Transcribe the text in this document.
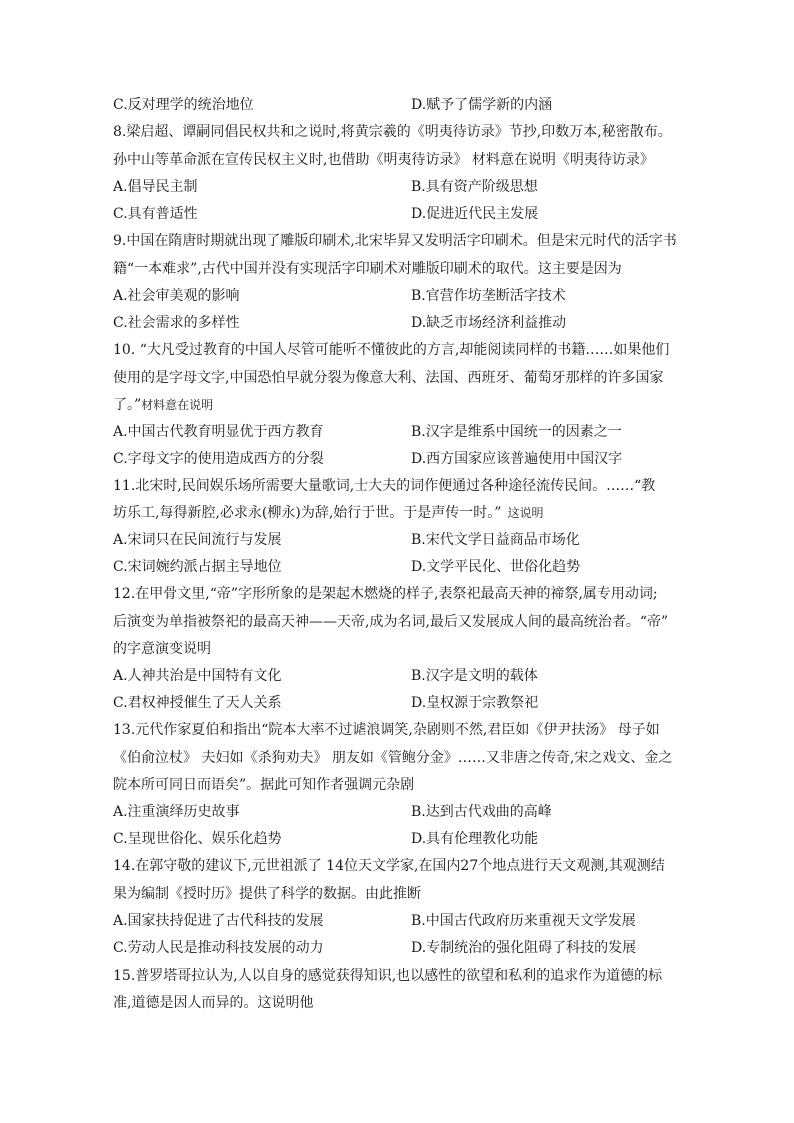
C.反对理学的统治地位	D.赋予了儒学新的内涵
8.梁启超、谭嗣同倡民权共和之说时,将黄宗羲的《明夷待访录》节抄,印数万本,秘密散布。
孙中山等革命派在宣传民权主义时,也借助《明夷待访录》 材料意在说明《明夷待访录》
A.倡导民主制	B.具有资产阶级思想
C.具有普适性	D.促进近代民主发展
9.中国在隋唐时期就出现了雕版印刷术,北宋毕昇又发明活字印刷术。但是宋元时代的活字书
籍“一本难求”,古代中国并没有实现活字印刷术对雕版印刷术的取代。这主要是因为
A.社会审美观的影响	B.官营作坊垄断活字技术
C.社会需求的多样性	D.缺乏市场经济利益推动
10. “大凡受过教育的中国人尽管可能听不懂彼此的方言,却能阅读同样的书籍……如果他们
使用的是字母文字,中国恐怕早就分裂为像意大利、法国、西班牙、葡萄牙那样的许多国家
了。”材料意在说明
A.中国古代教育明显优于西方教育	B.汉字是维系中国统一的因素之一
C.字母文字的使用造成西方的分裂	D.西方国家应该普遍使用中国汉字
11.北宋时,民间娱乐场所需要大量歌词,士大夫的词作便通过各种途径流传民间。……“教
坊乐工,每得新腔,必求永(柳永)为辞,始行于世。于是声传一时。” 这说明
A.宋词只在民间流行与发展	B.宋代文学日益商品市场化
C.宋词婉约派占据主导地位	D.文学平民化、世俗化趋势
12.在甲骨文里,“帝”字形所象的是架起木燃烧的样子,表祭祀最高天神的禘祭,属专用动词;
后演变为单指被祭祀的最高天神——天帝,成为名词,最后又发展成人间的最高统治者。“帝”
的字意演变说明
A.人神共治是中国特有文化	B.汉字是文明的载体
C.君权神授催生了天人关系	D.皇权源于宗教祭祀
13.元代作家夏伯和指出“院本大率不过谑浪调笑,杂剧则不然,君臣如《伊尹扶汤》 母子如
《伯俞泣杖》 夫妇如《杀狗劝夫》 朋友如《管鲍分金》……又非唐之传奇,宋之戏文、金之
院本所可同日而语矣”。据此可知作者强调元杂剧
A.注重演绎历史故事	B.达到古代戏曲的高峰
C.呈现世俗化、娱乐化趋势	D.具有伦理教化功能
14.在郭守敬的建议下,元世祖派了 14位天文学家,在国内27个地点进行天文观测,其观测结
果为编制《授时历》提供了科学的数据。由此推断
A.国家扶持促进了古代科技的发展	B.中国古代政府历来重视天文学发展
C.劳动人民是推动科技发展的动力	D.专制统治的强化阻碍了科技的发展
15.普罗塔哥拉认为,人以自身的感觉获得知识,也以感性的欲望和私利的追求作为道德的标
准,道德是因人而异的。这说明他
